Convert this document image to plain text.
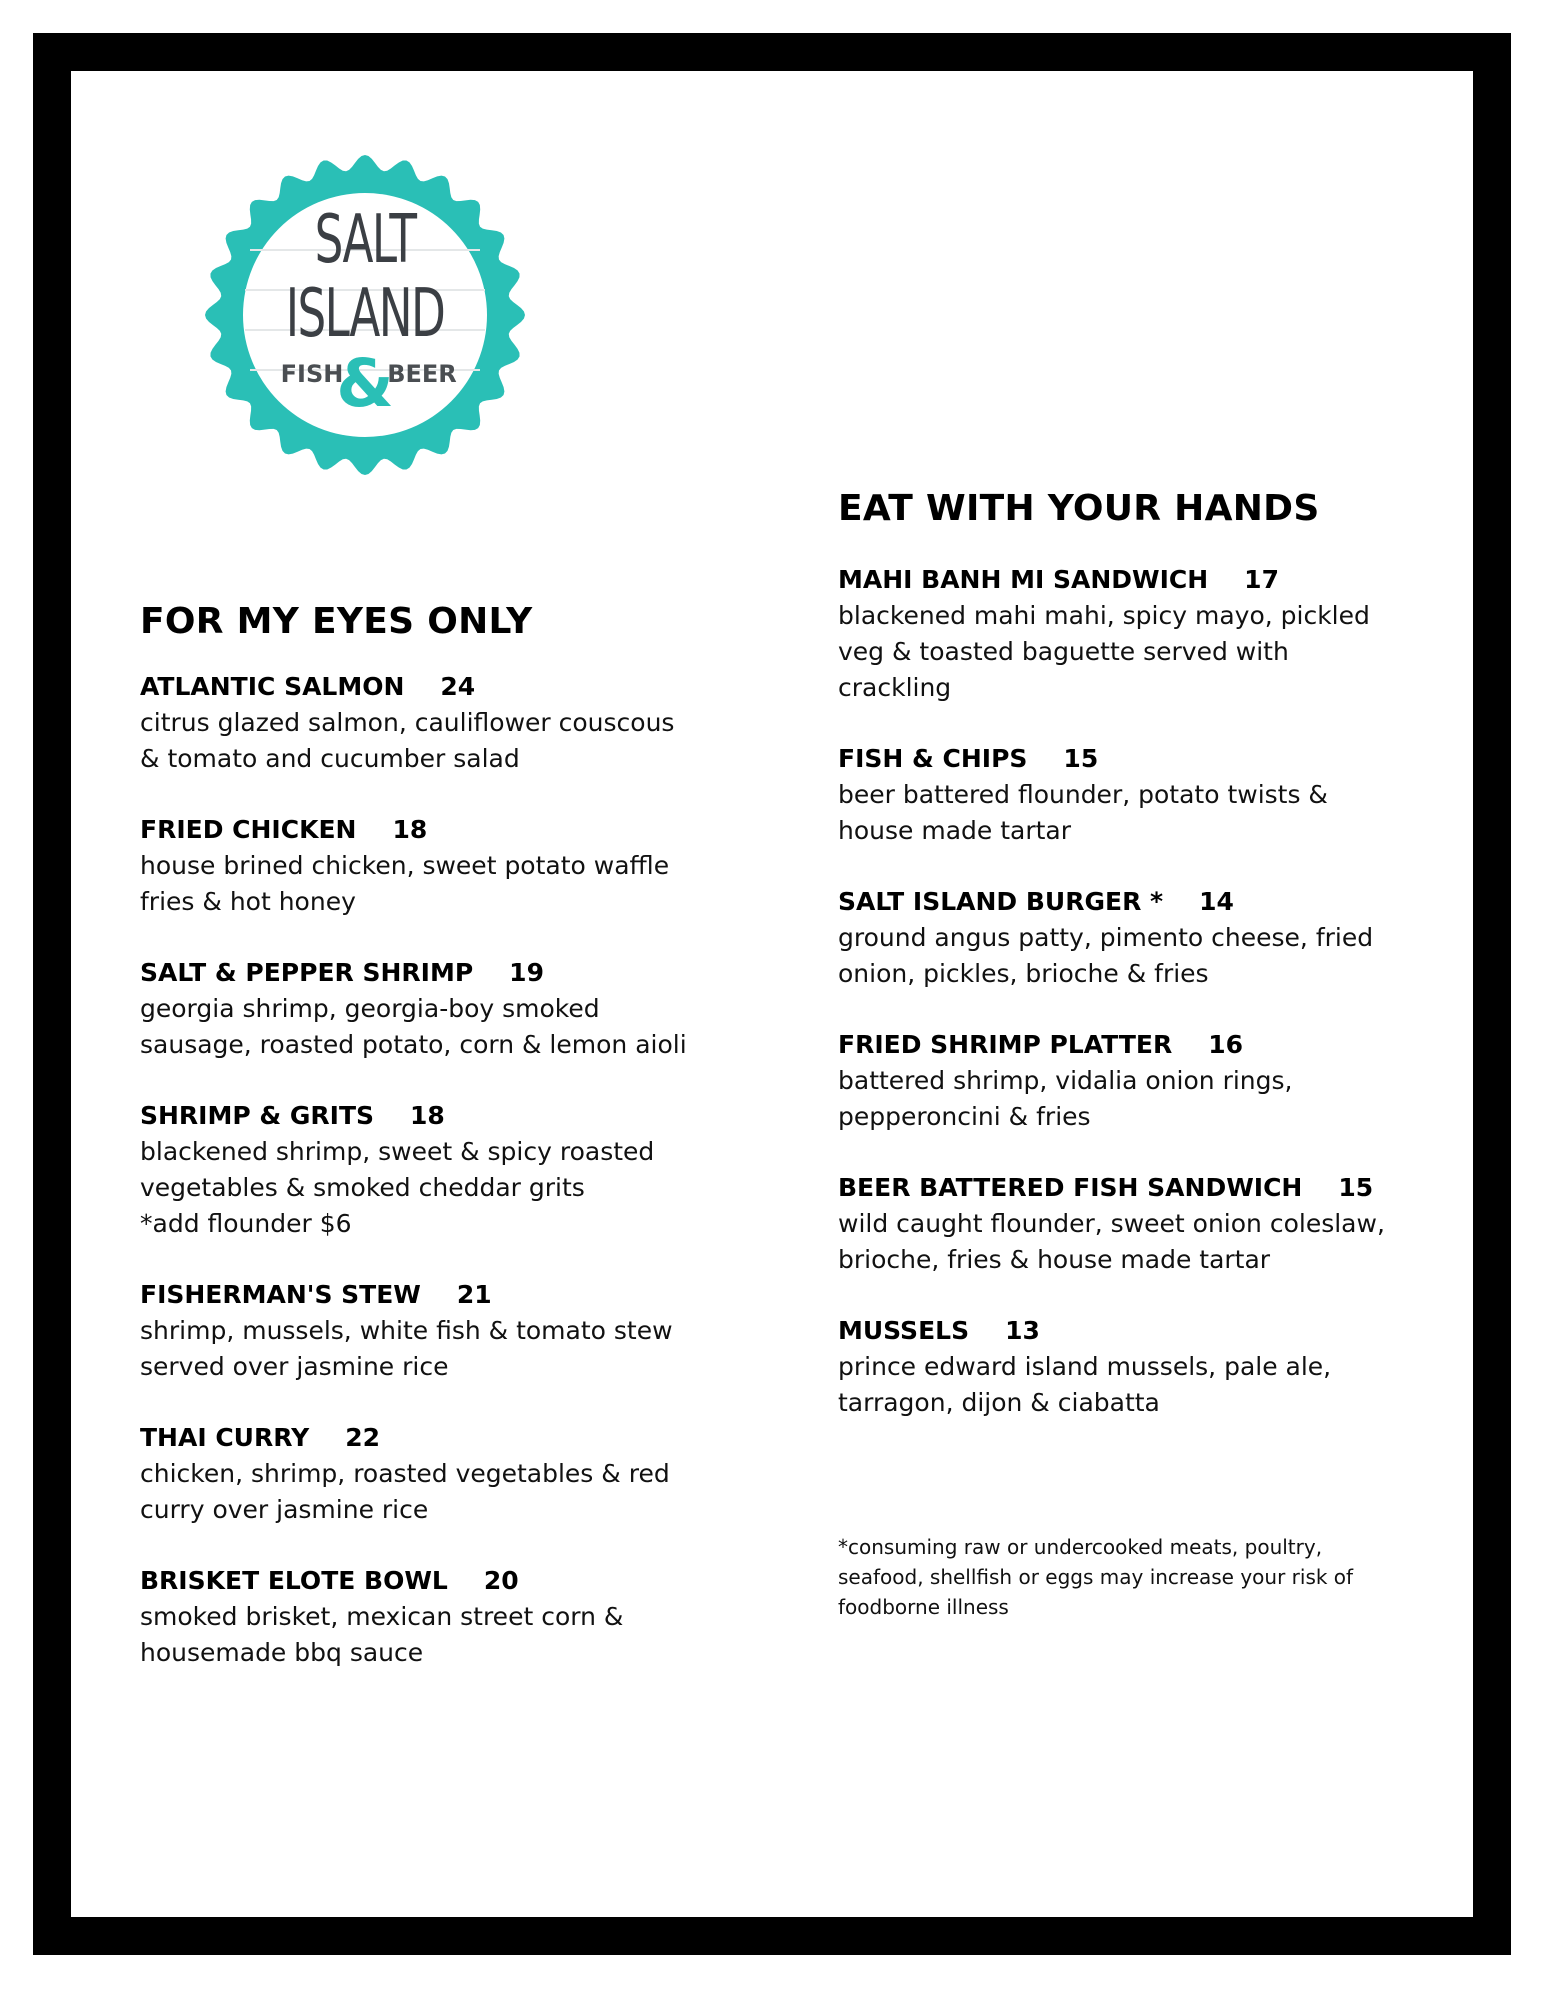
SALT
ISLAND
FISH
&
BEER
FOR MY EYES ONLY
ATLANTIC SALMON 24
citrus glazed salmon, cauliflower couscous
& tomato and cucumber salad
FRIED CHICKEN 18
house brined chicken, sweet potato waffle
fries & hot honey
SALT & PEPPER SHRIMP 19
georgia shrimp, georgia-boy smoked
sausage, roasted potato, corn & lemon aioli
SHRIMP & GRITS 18
blackened shrimp, sweet & spicy roasted
vegetables & smoked cheddar grits
*add flounder $6
FISHERMAN'S STEW 21
shrimp, mussels, white fish & tomato stew
served over jasmine rice
THAI CURRY 22
chicken, shrimp, roasted vegetables & red
curry over jasmine rice
BRISKET ELOTE BOWL 20
smoked brisket, mexican street corn &
housemade bbq sauce
EAT WITH YOUR HANDS
MAHI BANH MI SANDWICH 17
blackened mahi mahi, spicy mayo, pickled
veg & toasted baguette served with
crackling
FISH & CHIPS 15
beer battered flounder, potato twists &
house made tartar
SALT ISLAND BURGER * 14
ground angus patty, pimento cheese, fried
onion, pickles, brioche & fries
FRIED SHRIMP PLATTER 16
battered shrimp, vidalia onion rings,
pepperoncini & fries
BEER BATTERED FISH SANDWICH 15
wild caught flounder, sweet onion coleslaw,
brioche, fries & house made tartar
MUSSELS 13
prince edward island mussels, pale ale,
tarragon, dijon & ciabatta
*consuming raw or undercooked meats, poultry,
seafood, shellfish or eggs may increase your risk of
foodborne illness
